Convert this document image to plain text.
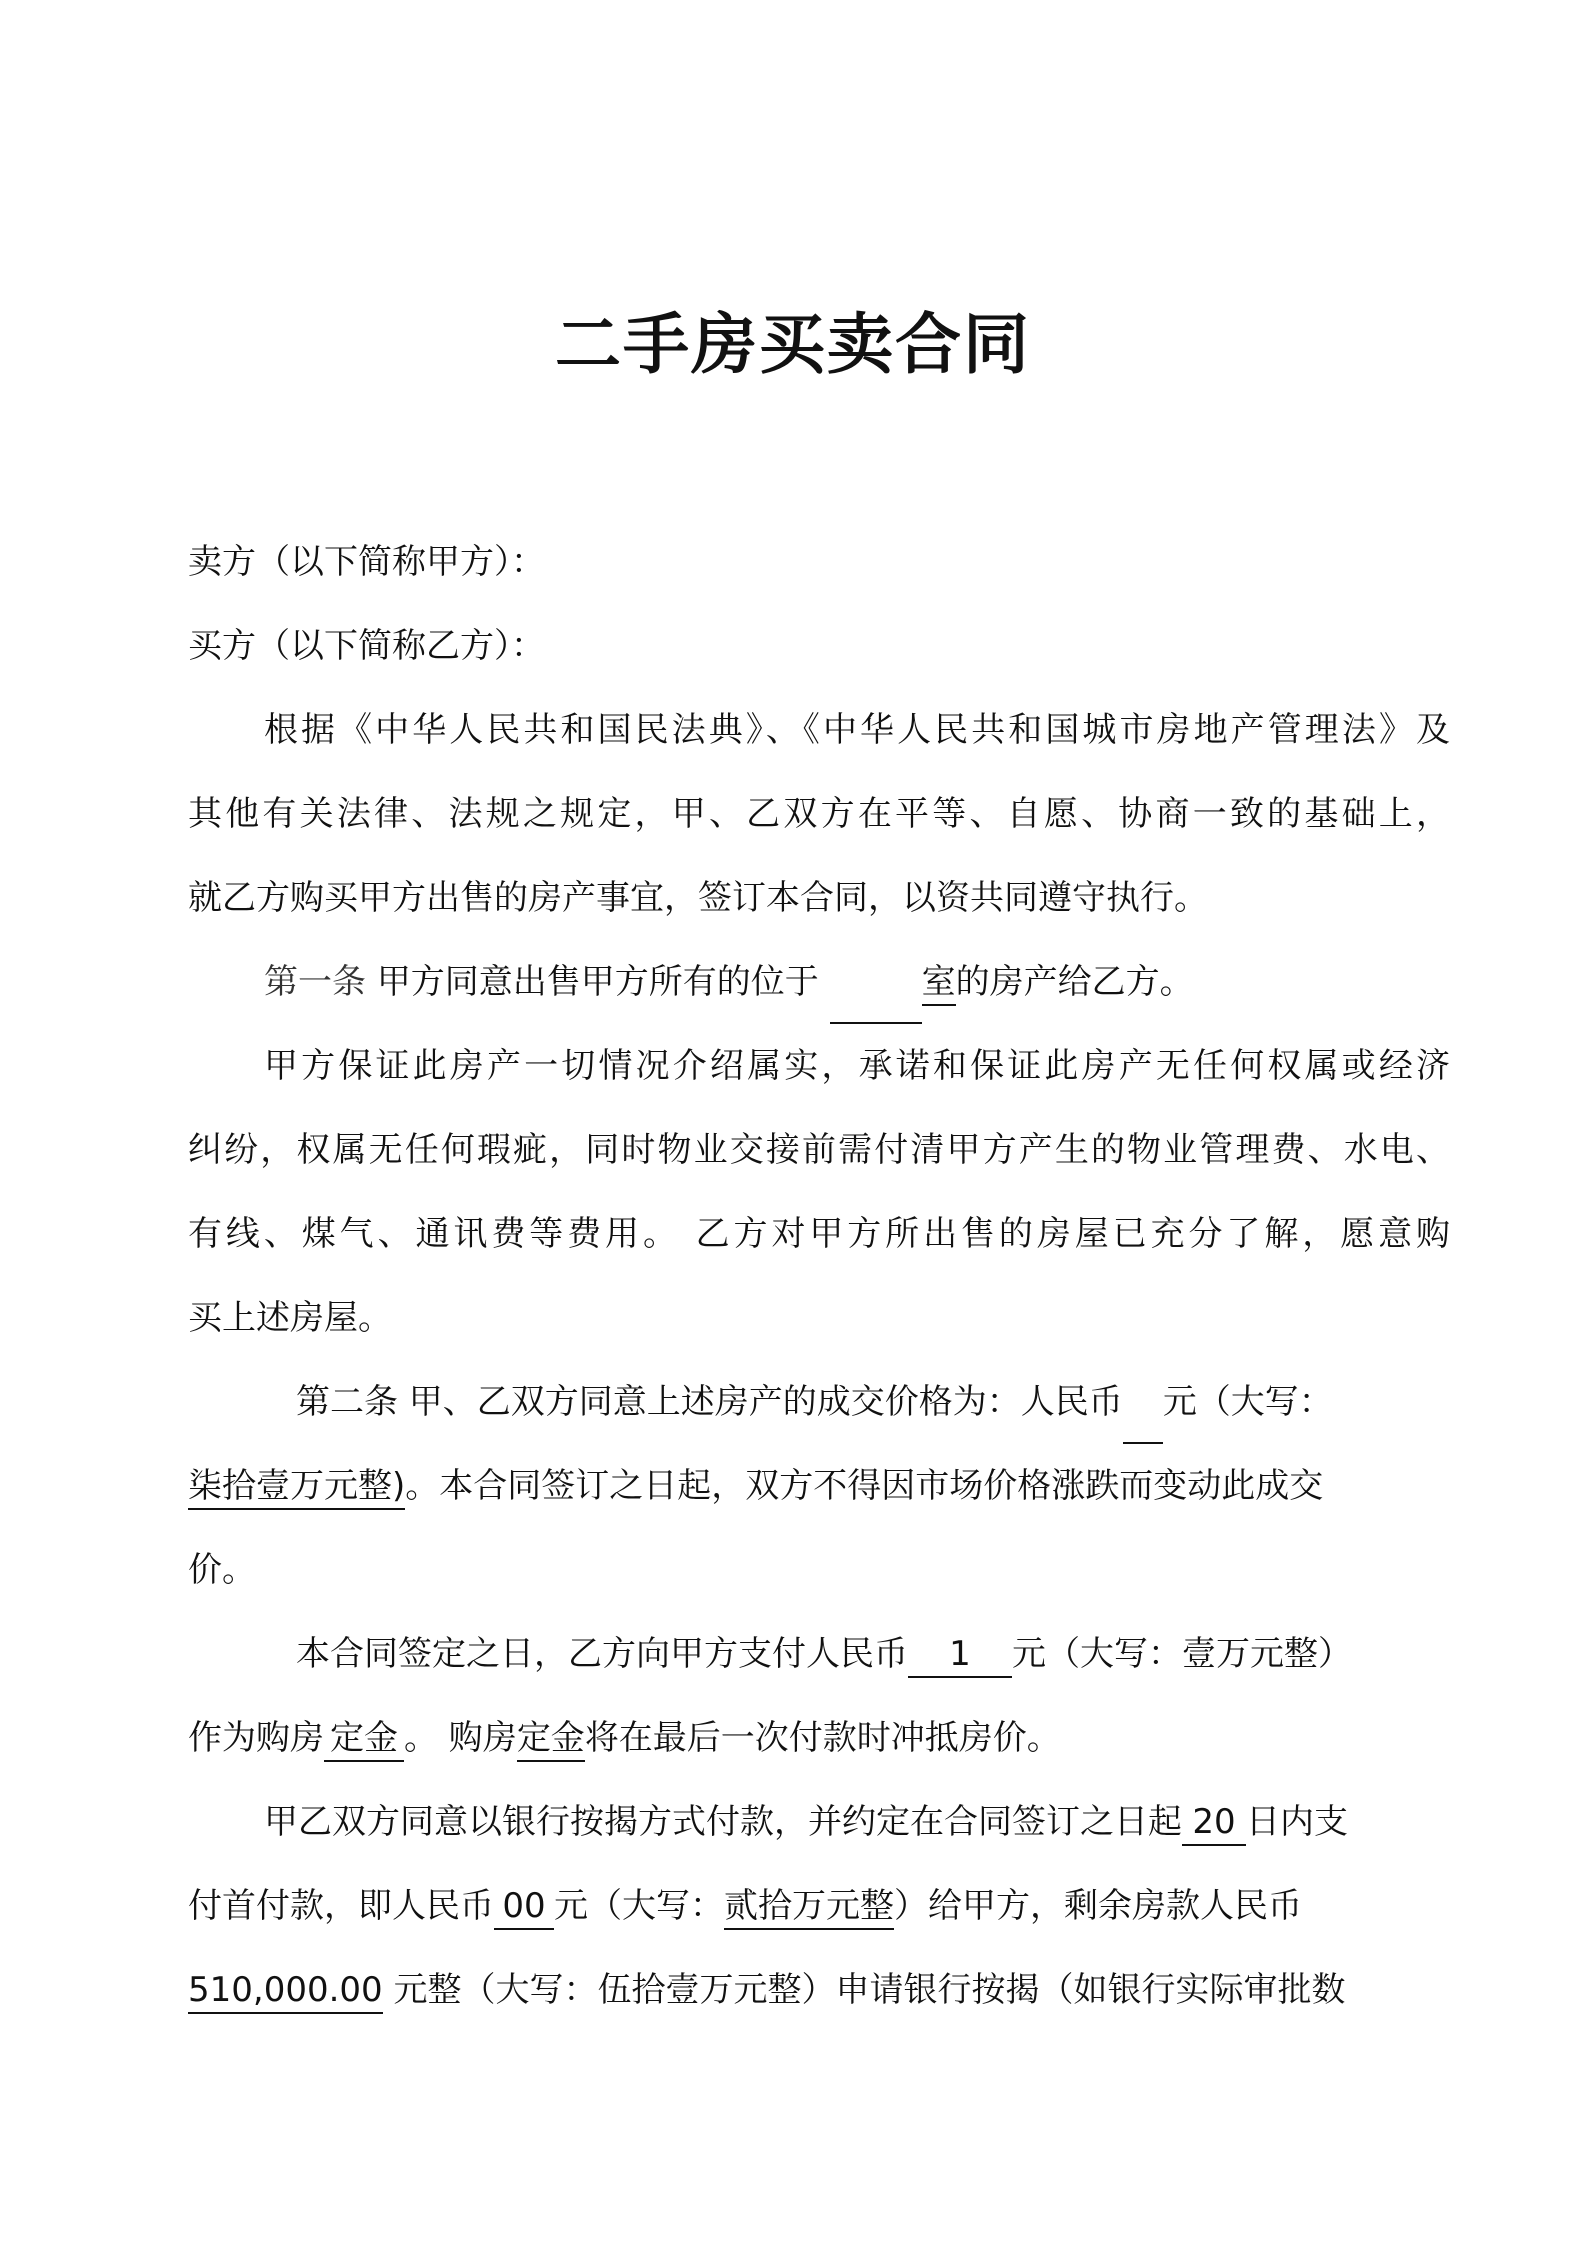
二手房买卖合同
卖方（以下简称甲方）：
买方（以下简称乙方）：
根据《中华人民共和国民法典》、《中华人民共和国城市房地产管理法》及
其他有关法律、法规之规定，甲、乙双方在平等、自愿、协商一致的基础上，
就乙方购买甲方出售的房产事宜，签订本合同，以资共同遵守执行。
第一条 甲方同意出售甲方所有的位于	室的房产给乙方。
甲方保证此房产一切情况介绍属实，承诺和保证此房产无任何权属或经济
纠纷，权属无任何瑕疵，同时物业交接前需付清甲方产生的物业管理费、水电、
有线、煤气、通讯费等费用。 乙方对甲方所出售的房屋已充分了解，愿意购
买上述房屋。
第二条 甲、乙双方同意上述房产的成交价格为：人民币 元（大写：
柒拾壹万元整)。本合同签订之日起，双方不得因市场价格涨跌而变动此成交
价。
本合同签定之日，乙方向甲方支付人民币 1 元（大写：壹万元整）
作为购房 定金 。 购房定金将在最后一次付款时冲抵房价。
甲乙双方同意以银行按揭方式付款，并约定在合同签订之日起 20 日内支
付首付款，即人民币 00 元（大写：贰拾万元整）给甲方，剩余房款人民币
510,000.00 元整（大写：伍拾壹万元整）申请银行按揭（如银行实际审批数
